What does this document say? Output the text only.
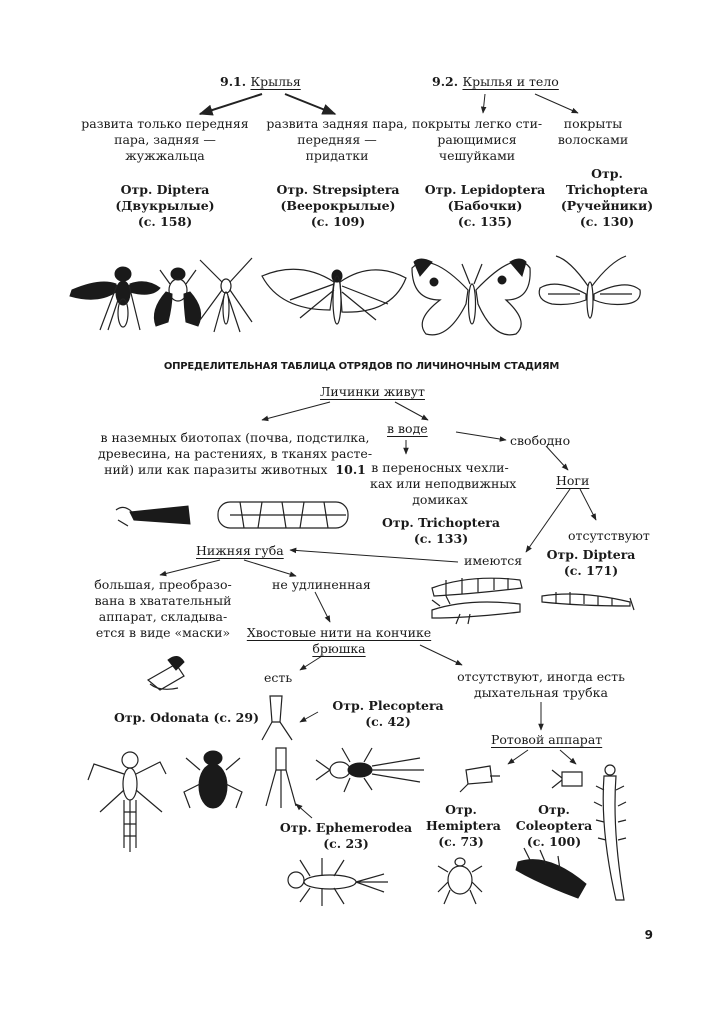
9.1. Крылья	9.2. Крылья и тело
развита только передняя
пара, задняя —
жужжальца
развита задняя пара,
передняя —
придатки
покрыты легко сти-
рающимися
чешуйками
покрыты
волосками
Отр. Diptera
(Двукрылые)
(с. 158)
Отр. Strepsiptera
(Веерокрылые)
(с. 109)
Отр. Lepidoptera
(Бабочки)
(с. 135)
Отр.
Trichoptera
(Ручейники)
(с. 130)
ОПРЕДЕЛИТЕЛЬНАЯ ТАБЛИЦА ОТРЯДОВ ПО ЛИЧИНОЧНЫМ СТАДИЯМ
Личинки живут
в наземных биотопах (почва, подстилка,
древесина, на растениях, в тканях расте-
ний) или как паразиты животных 10.1
в воде
свободно
в переносных чехли-
ках или неподвижных
домиках
Отр. Trichoptera
(с. 133)
Ноги
отсутствуют
имеются	Отр. Diptera
(с. 171)
Нижняя губа
большая, преобразо-
вана в хватательный
аппарат, складыва-
ется в виде «маски»
не удлиненная
Хвостовые нити на кончике
брюшка
есть	отсутствуют, иногда есть
дыхательная трубка
Отр. Odonata (с. 29)
Отр. Plecoptera
(с. 42)
Отр. Ephemerodea
(с. 23)
Ротовой аппарат
Отр.
Hemiptera
(с. 73)
Отр.
Coleoptera
(с. 100)
9
